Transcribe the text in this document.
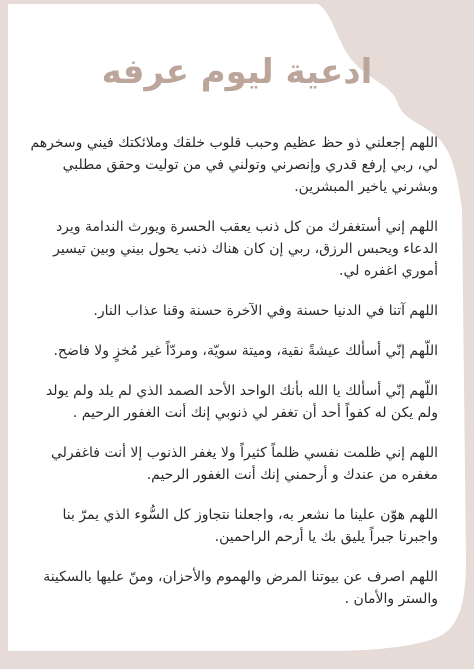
ادعية ليوم عرفه

اللهم إجعلني ذو حظ عظيم وحبب قلوب خلقك وملائكتك فيني وسخرهم لي، ربي إرفع قدري وإنصرني وتولني في من توليت وحقق مطلبي وبشرني ياخير المبشرين.

اللهم إني أستغفرك من كل ذنب يعقب الحسرة ويورث الندامة ويرد الدعاء ويحبس الرزق، ربي إن كان هناك ذنب يحول بيني وبين تيسير أموري اغفره لي.

اللهم آتنا في الدنيا حسنة وفي الآخرة حسنة وقنا عذاب النار.

اللّهم إنّي أسألك عيشةً نقية، وميتة سويّة، ومردّاً غير مُخزٍ ولا فاضح.

اللّهم إنّي أسألك يا الله بأنك الواحد الأحد الصمد الذي لم يلد ولم يولد ولم يكن له كفواً أحد أن تغفر لي ذنوبي إنك أنت الغفور الرحيم .

اللهم إني ظلمت نفسي ظلماً كثيراً ولا يغفر الذنوب إلا أنت فاغفرلي مغفره من عندك و أرحمني إنك أنت الغفور الرحيم.

اللهم هوّن علينا ما نشعر به، واجعلنا نتجاوز كل السُّوء الذي يمرّ بنا واجبرنا جبراً يليق بك يا أرحم الراحمين.

اللهم اصرف عن بيوتنا المرض والهموم والأحزان، ومنّ عليها بالسكينة والستر والأمان .
